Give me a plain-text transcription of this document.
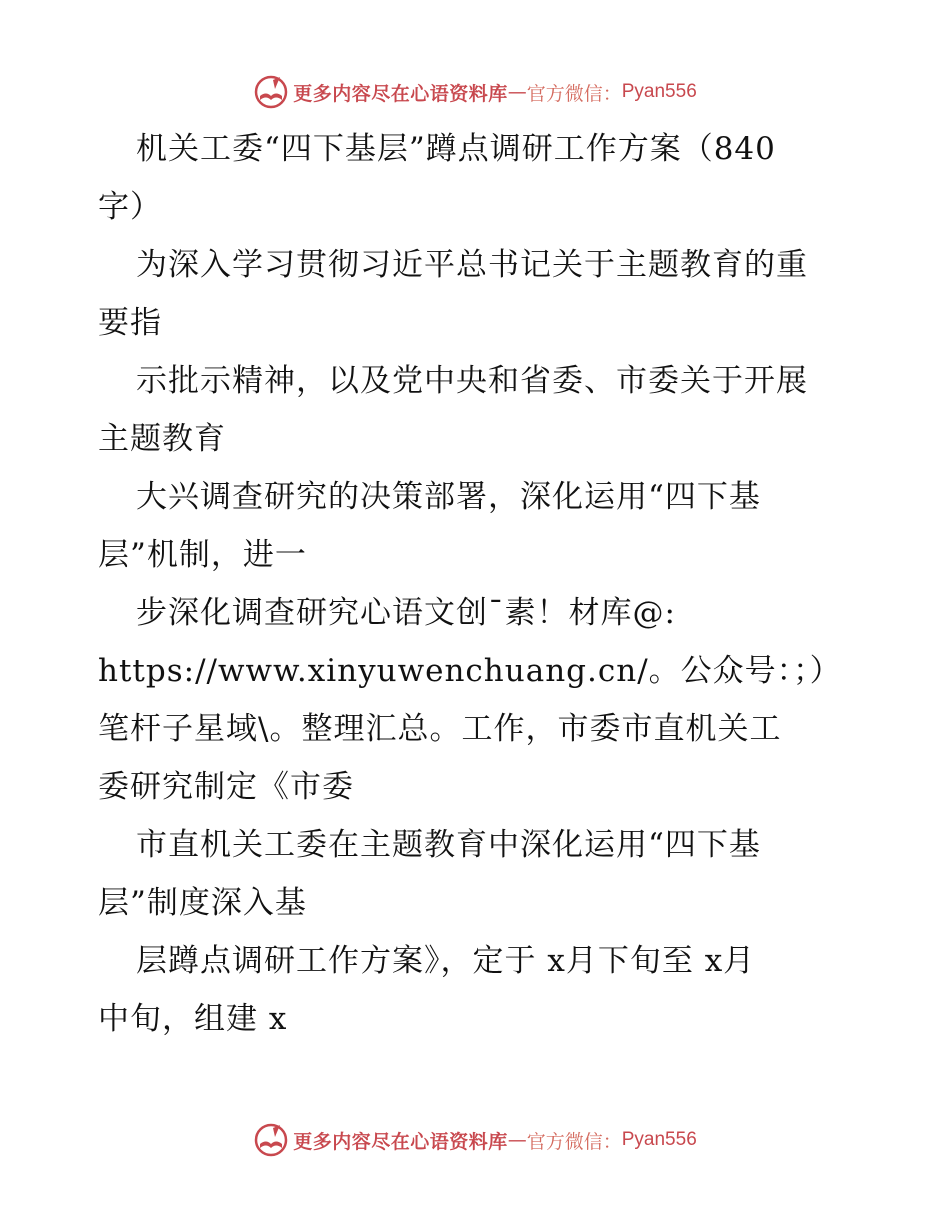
更多内容尽在心语资料库 — 官方微信： Pyan556
机关工委“四下基层”蹲点调研工作方案（840
字）
为深入学习贯彻习近平总书记关于主题教育的重
要指
示批示精神，以及党中央和省委、市委关于开展
主题教育
大兴调查研究的决策部署，深化运用“四下基
层”机制，进一
步深化调查研究心语文创¯素！材库@:
https://www.xinyuwenchuang.cn/。公众号：；）
笔杆子星域\。整理汇总。工作，市委市直机关工
委研究制定《市委
市直机关工委在主题教育中深化运用“四下基
层”制度深入基
层蹲点调研工作方案》，定于 x月下旬至 x月
中旬，组建 x
更多内容尽在心语资料库 — 官方微信： Pyan556
